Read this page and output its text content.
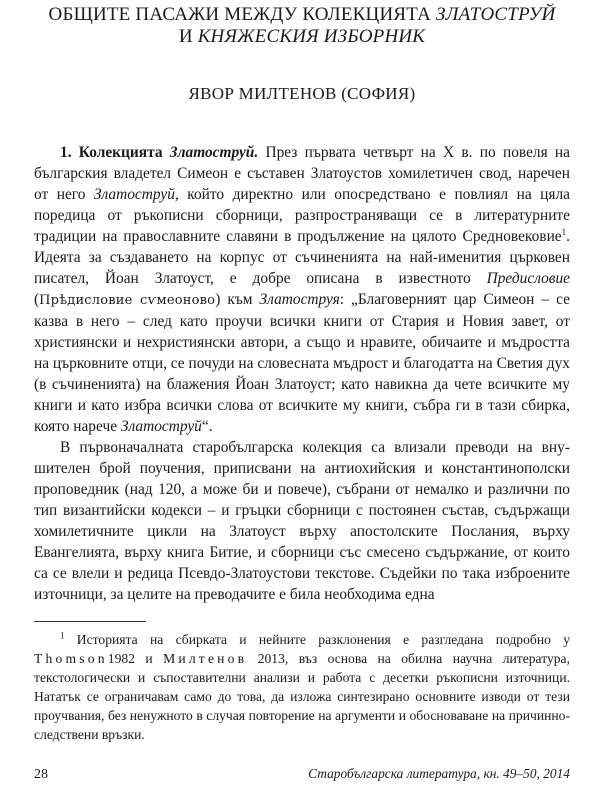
ОБЩИТЕ ПАСАЖИ МЕЖДУ КОЛЕКЦИЯТА ЗЛАТОСТРУЙ
И КНЯЖЕСКИЯ ИЗБОРНИК
ЯВОР МИЛТЕНОВ (СОФИЯ)

1. Колекцията Златоструй. През първата четвърт на Х в. по повеля на българския владетел Симеон е съставен Златоустов хомилетичен свод, наречен от него Златоструй, който директно или опосредствано е повлиял на цяла поредица от ръкописни сборници, разпространяващи се в литературните традиции на православните славяни в продължение на цялото Средновековие$^1$. Идеята за създаването на корпус от съчиненията на най-именития църковен писател, Йоан Златоуст, е добре описана в известното Предисловие (Прѣдисловие сѵмеоново) към Златоструя: „Благоверният цар Симеон – се казва в него – след като проучи всички книги от Стария и Новия завет, от християнски и нехристиянски автори, а също и нравите, обичаите и мъдростта на църковните отци, се почуди на словесната мъдрост и благодатта на Светия дух (в съчиненията) на блажения Йоан Златоуст; като навикна да чете всичките му книги и като избра всички слова от всичките му книги, събра ги в тази сбирка, която нарече Златоструй“.

В първоначалната старобългарска колекция са влизали преводи на внушителен брой поучения, приписвани на антиохийския и константинополски проповедник (над 120, а може би и повече), събрани от немалко и различни по тип византийски кодекси – и гръцки сборници с постоянен състав, съдържащи хомилетичните цикли на Златоуст върху апостолските Послания, върху Евангелията, върху книга Битие, и сборници със смесено съдържание, от които са се влели и редица Псевдо-Златоустови текстове. Съдейки по така изброените източници, за целите на преводачите е била необходима една

$^1$ Историята на сбирката и нейните разклонения е разгледана подробно у Thomson1982 и Милтенов 2013, въз основа на обилна научна литература, текстологически и съпоставителни анализи и работа с десетки ръкописни източници. Нататък се ограничавам само до това, да изложа синтезирано основните изводи от тези проучвания, без ненужното в случая повторение на аргументи и обосноваване на причинно-следствени връзки.
28	Старобългарска литература, кн. 49–50, 2014
